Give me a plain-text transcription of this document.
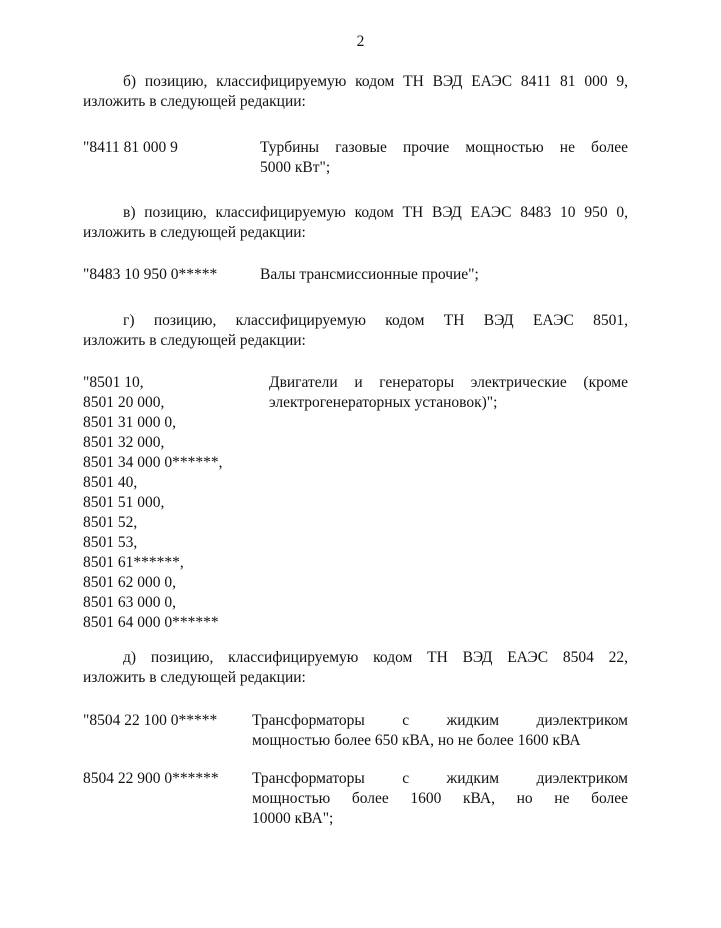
2
б) позицию, классифицируемую кодом ТН ВЭД ЕАЭС 8411 81 000 9,
изложить в следующей редакции:
"8411 81 000 9	Турбины газовые прочие мощностью не более
5000 кВт";
в) позицию, классифицируемую кодом ТН ВЭД ЕАЭС 8483 10 950 0,
изложить в следующей редакции:
"8483 10 950 0*****	Валы трансмиссионные прочие";
г) позицию, классифицируемую кодом ТН ВЭД ЕАЭС 8501,
изложить в следующей редакции:
"8501 10,
8501 20 000,
8501 31 000 0,
8501 32 000,
8501 34 000 0******,
8501 40,
8501 51 000,
8501 52,
8501 53,
8501 61******,
8501 62 000 0,
8501 63 000 0,
8501 64 000 0******
Двигатели и генераторы электрические (кроме
электрогенераторных установок)";
д) позицию, классифицируемую кодом ТН ВЭД ЕАЭС 8504 22,
изложить в следующей редакции:
"8504 22 100 0***** Трансформаторы с жидким диэлектриком
мощностью более 650 кВА, но не более 1600 кВА
8504 22 900 0****** Трансформаторы с жидким диэлектриком
мощностью более 1600 кВА, но не более
10000 кВА";
